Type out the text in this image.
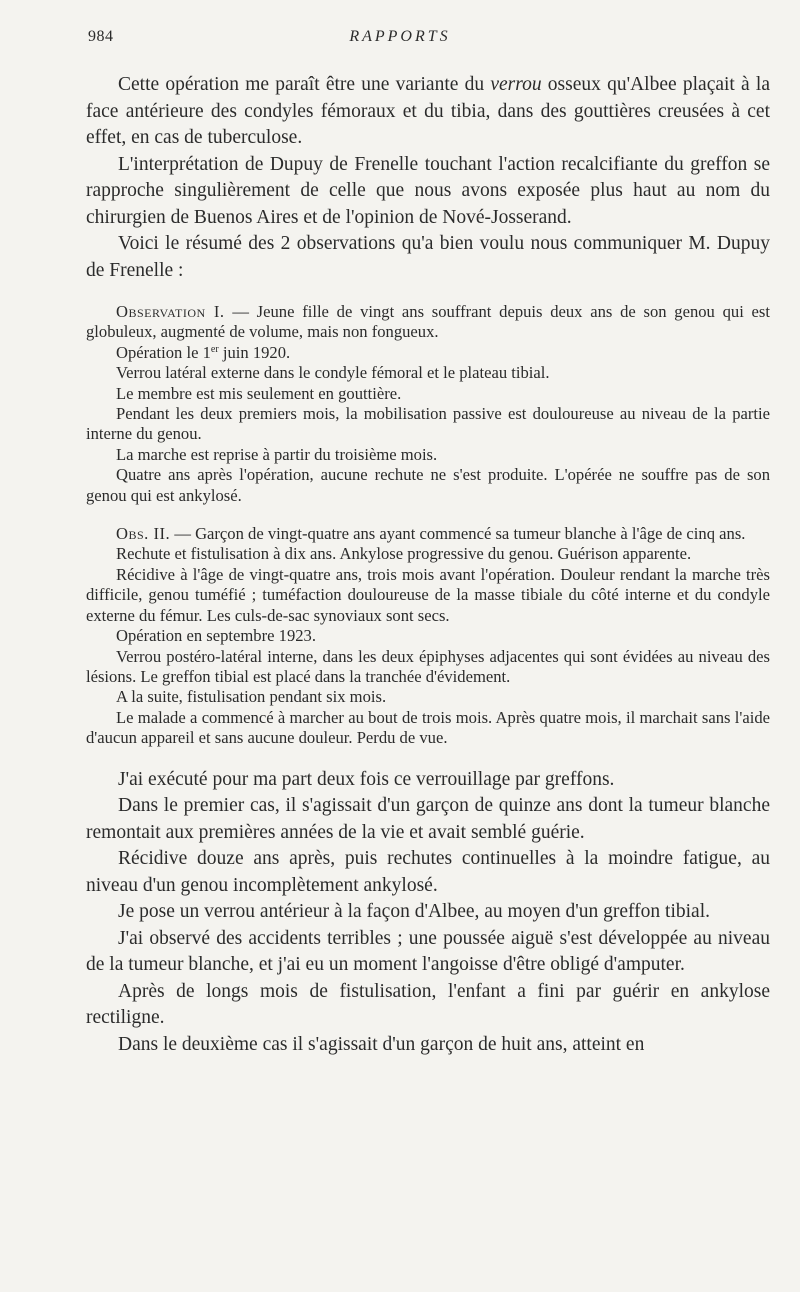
984	RAPPORTS

Cette opération me paraît être une variante du verrou osseux qu'Albee plaçait à la face antérieure des condyles fémoraux et du tibia, dans des gouttières creusées à cet effet, en cas de tuberculose.

L'interprétation de Dupuy de Frenelle touchant l'action recalcifiante du greffon se rapproche singulièrement de celle que nous avons exposée plus haut au nom du chirurgien de Buenos Aires et de l'opinion de Nové-Josserand.

Voici le résumé des 2 observations qu'a bien voulu nous communiquer M. Dupuy de Frenelle :

Observation I. — Jeune fille de vingt ans souffrant depuis deux ans de son genou qui est globuleux, augmenté de volume, mais non fongueux.

Opération le 1er juin 1920.

Verrou latéral externe dans le condyle fémoral et le plateau tibial.

Le membre est mis seulement en gouttière.

Pendant les deux premiers mois, la mobilisation passive est douloureuse au niveau de la partie interne du genou.

La marche est reprise à partir du troisième mois.

Quatre ans après l'opération, aucune rechute ne s'est produite. L'opérée ne souffre pas de son genou qui est ankylosé.

Obs. II. — Garçon de vingt-quatre ans ayant commencé sa tumeur blanche à l'âge de cinq ans.

Rechute et fistulisation à dix ans. Ankylose progressive du genou. Guérison apparente.

Récidive à l'âge de vingt-quatre ans, trois mois avant l'opération. Douleur rendant la marche très difficile, genou tuméfié ; tuméfaction douloureuse de la masse tibiale du côté interne et du condyle externe du fémur. Les culs-de-sac synoviaux sont secs.

Opération en septembre 1923.

Verrou postéro-latéral interne, dans les deux épiphyses adjacentes qui sont évidées au niveau des lésions. Le greffon tibial est placé dans la tranchée d'évidement.

A la suite, fistulisation pendant six mois.

Le malade a commencé à marcher au bout de trois mois. Après quatre mois, il marchait sans l'aide d'aucun appareil et sans aucune douleur. Perdu de vue.

J'ai exécuté pour ma part deux fois ce verrouillage par greffons.

Dans le premier cas, il s'agissait d'un garçon de quinze ans dont la tumeur blanche remontait aux premières années de la vie et avait semblé guérie.

Récidive douze ans après, puis rechutes continuelles à la moindre fatigue, au niveau d'un genou incomplètement ankylosé.

Je pose un verrou antérieur à la façon d'Albee, au moyen d'un greffon tibial.

J'ai observé des accidents terribles ; une poussée aiguë s'est développée au niveau de la tumeur blanche, et j'ai eu un moment l'angoisse d'être obligé d'amputer.

Après de longs mois de fistulisation, l'enfant a fini par guérir en ankylose rectiligne.

Dans le deuxième cas il s'agissait d'un garçon de huit ans, atteint en
